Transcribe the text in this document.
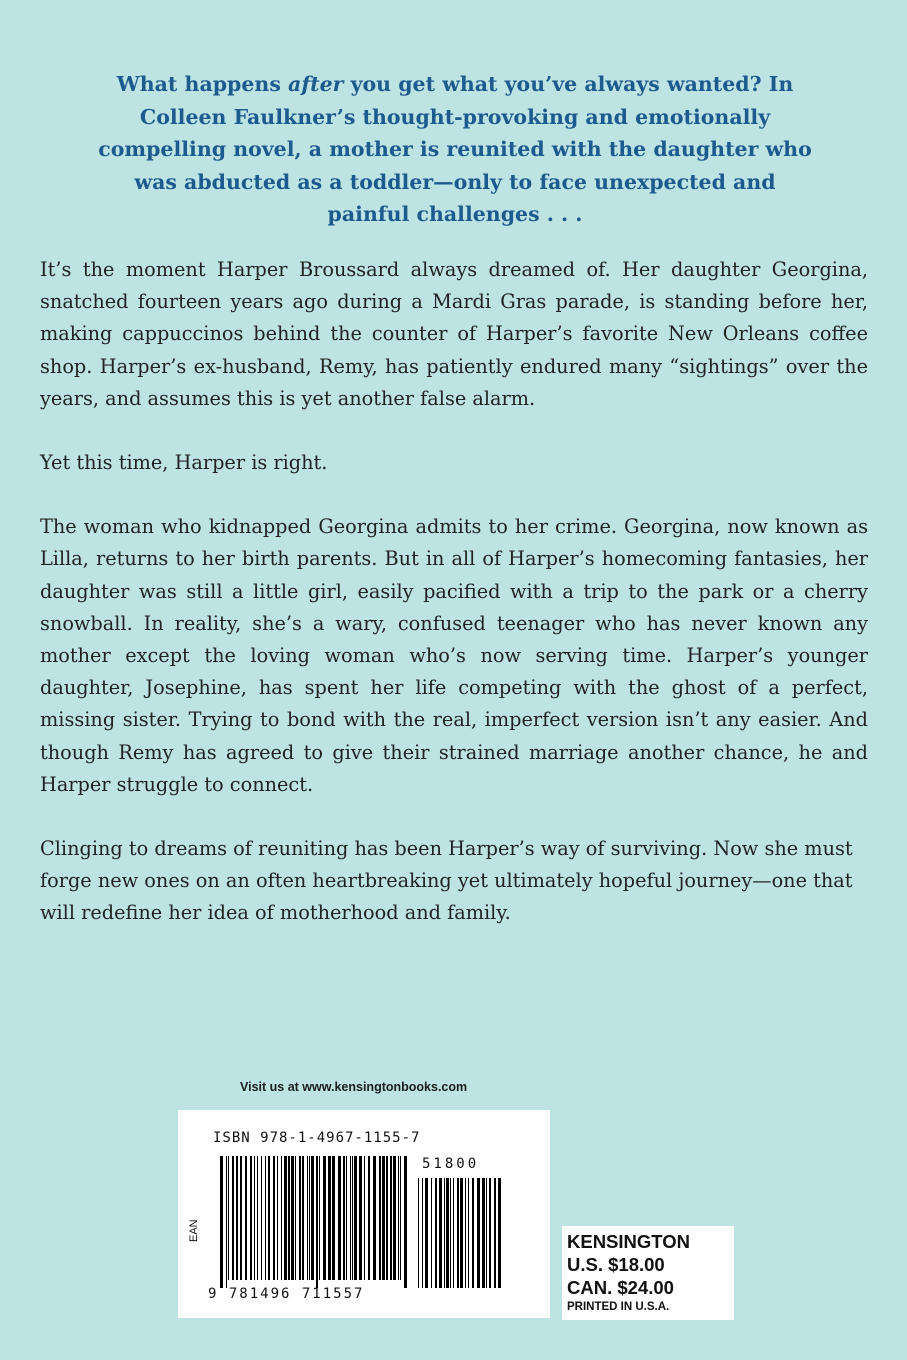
What happens after you get what you’ve always wanted? In Colleen Faulkner’s thought-provoking and emotionally compelling novel, a mother is reunited with the daughter who was abducted as a toddler—only to face unexpected and painful challenges . . .

It’s the moment Harper Broussard always dreamed of. Her daughter Georgina, snatched fourteen years ago during a Mardi Gras parade, is standing before her, making cappuccinos behind the counter of Harper’s favorite New Orleans coffee shop. Harper’s ex-husband, Remy, has patiently endured many “sightings” over the years, and assumes this is yet another false alarm.

Yet this time, Harper is right.

The woman who kidnapped Georgina admits to her crime. Georgina, now known as Lilla, returns to her birth parents. But in all of Harper’s homecoming fantasies, her daughter was still a little girl, easily pacified with a trip to the park or a cherry snowball. In reality, she’s a wary, confused teenager who has never known any mother except the loving woman who’s now serving time. Harper’s younger daughter, Josephine, has spent her life competing with the ghost of a perfect, missing sister. Trying to bond with the real, imperfect version isn’t any easier. And though Remy has agreed to give their strained marriage another chance, he and Harper struggle to connect.

Clinging to dreams of reuniting has been Harper’s way of surviving. Now she must forge new ones on an often heartbreaking yet ultimately hopeful journey—one that will redefine her idea of motherhood and family.

Visit us at www.kensingtonbooks.com
ISBN 978-1-4967-1155-7
EAN
51800
9 781496 711557
KENSINGTON
U.S. $18.00
CAN. $24.00
PRINTED IN U.S.A.
